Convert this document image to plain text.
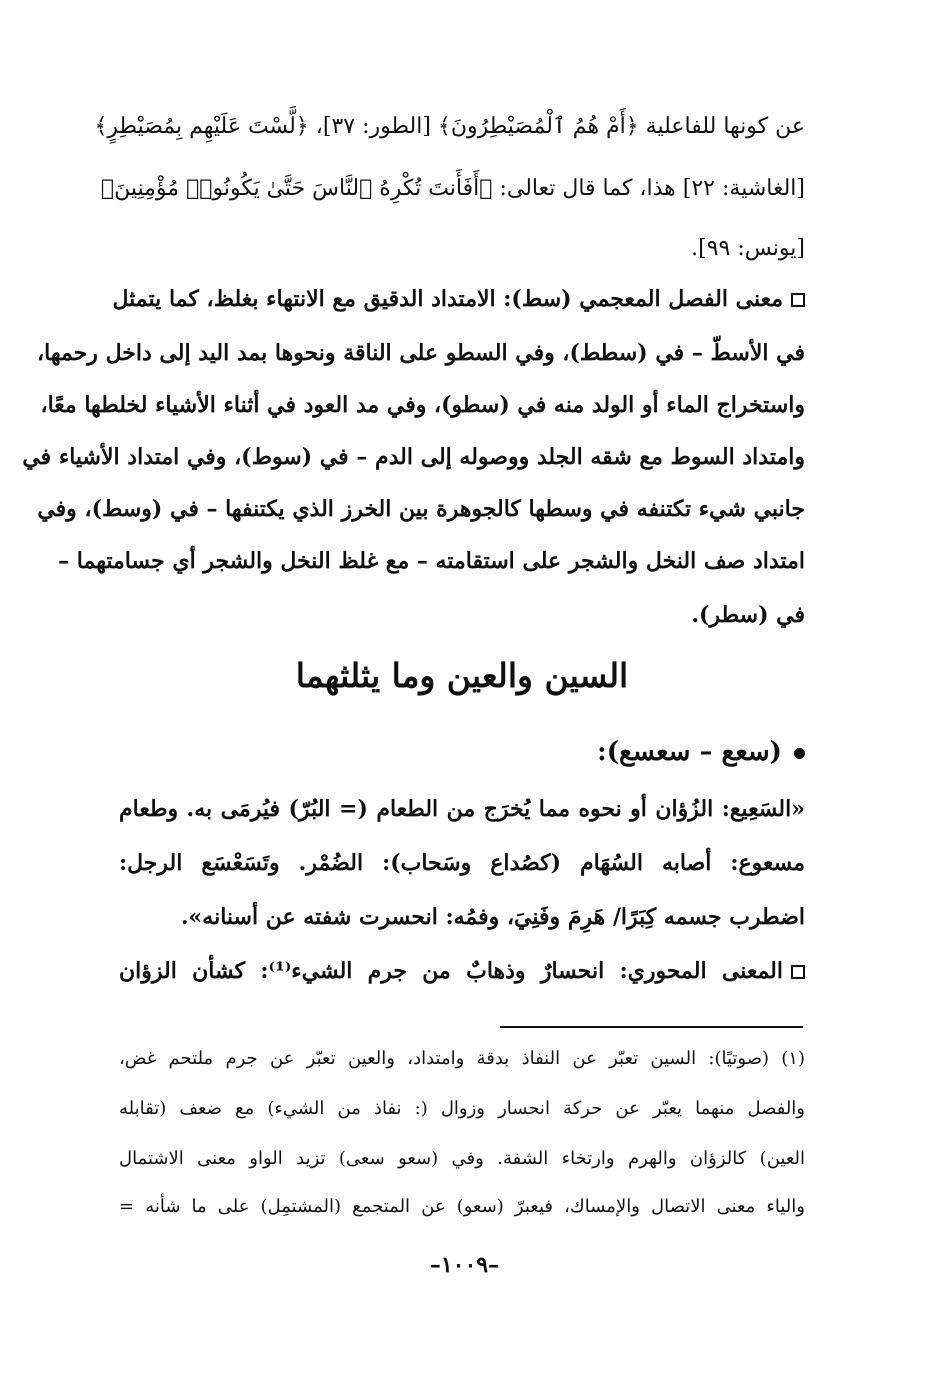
عن كونها للفاعلية ﴿أَمْ هُمُ ٱلْمُصَيْطِرُونَ﴾ [الطور: ٣٧]، ﴿لَّسْتَ عَلَيْهِم بِمُصَيْطِرٍ﴾
[الغاشية: ٢٢] هذا، كما قال تعالى: ﴿أَفَأَنتَ تُكْرِهُ ٱلنَّاسَ حَتَّىٰ يَكُونُوا۟ مُؤْمِنِينَ﴾
[يونس: ٩٩].
معنى الفصل المعجمي (سط): الامتداد الدقيق مع الانتهاء بغلظ، كما يتمثل
في الأسطّ – في (سطط)، وفي السطو على الناقة ونحوها بمد اليد إلى داخل رحمها،
واستخراج الماء أو الولد منه في (سطو)، وفي مد العود في أثناء الأشياء لخلطها معًا،
وامتداد السوط مع شقه الجلد ووصوله إلى الدم – في (سوط)، وفي امتداد الأشياء في
جانبي شيء تكتنفه في وسطها كالجوهرة بين الخرز الذي يكتنفها – في (وسط)، وفي
امتداد صف النخل والشجر على استقامته – مع غلظ النخل والشجر أي جسامتهما –
في (سطر).
السين والعين وما يثلثهما
(سعع – سعسع):
«السَعِيع: الزُؤان أو نحوه مما يُخرَج من الطعام (= البُرّ) فيُرمَى به. وطعام
مسعوع: أصابه السُهَام (كصُداع وسَحاب): الضُمْر. وتَسَعْسَع الرجل:
اضطرب جسمه كِبَرًا/ هَرِمَ وفَنِيَ، وفمُه: انحسرت شفته عن أسنانه».
المعنى المحوري: انحسارٌ وذهابٌ من جرم الشيء⁽¹⁾: كشأن الزؤان
(١) (صوتيًا): السين تعبّر عن النفاذ بدقة وامتداد، والعين تعبّر عن جرم ملتحم غض،
والفصل منهما يعبّر عن حركة انحسار وزوال (: نفاذ من الشيء) مع ضعف (تقابله
العين) كالزؤان والهرم وارتخاء الشفة. وفي (سعو سعى) تزيد الواو معنى الاشتمال
والياء معنى الاتصال والإمساك، فيعبرّ (سعو) عن المتجمع (المشتمِل) على ما شأنه =
–١٠٠٩–
